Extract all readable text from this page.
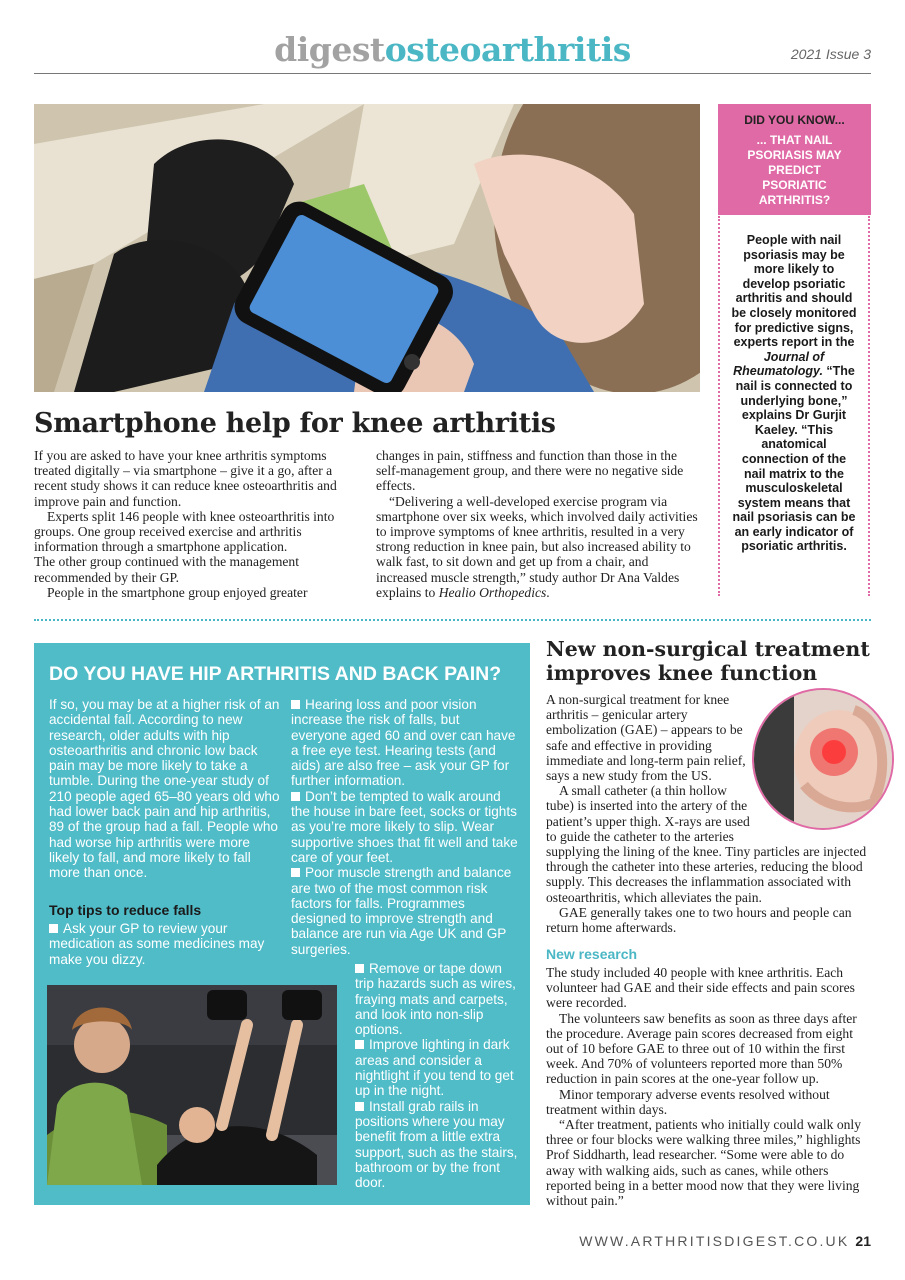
digestosteoarthritis	2021 Issue 3
DID YOU KNOW...
... THAT NAIL PSORIASIS MAY PREDICT PSORIATIC ARTHRITIS?
People with nail psoriasis may be more likely to develop psoriatic arthritis and should be closely monitored for predictive signs, experts report in the Journal of Rheumatology. “The nail is connected to underlying bone,” explains Dr Gurjit Kaeley. “This anatomical connection of the nail matrix to the musculoskeletal system means that nail psoriasis can be an early indicator of psoriatic arthritis.
Smartphone help for knee arthritis

If you are asked to have your knee arthritis symptoms treated digitally – via smartphone – give it a go, after a recent study shows it can reduce knee osteoarthritis and improve pain and function.

Experts split 146 people with knee osteoarthritis into groups. One group received exercise and arthritis information through a smartphone application.

The other group continued with the management recommended by their GP.

People in the smartphone group enjoyed greater

changes in pain, stiffness and function than those in the self-management group, and there were no negative side effects.

“Delivering a well-developed exercise program via smartphone over six weeks, which involved daily activities to improve symptoms of knee arthritis, resulted in a very strong reduction in knee pain, but also increased ability to walk fast, to sit down and get up from a chair, and increased muscle strength,” study author Dr Ana Valdes explains to Healio Orthopedics.

DO YOU HAVE HIP ARTHRITIS AND BACK PAIN?
If so, you may be at a higher risk of an accidental fall. According to new research, older adults with hip osteoarthritis and chronic low back pain may be more likely to take a tumble. During the one-year study of 210 people aged 65–80 years old who had lower back pain and hip arthritis, 89 of the group had a fall. People who had worse hip arthritis were more likely to fall, and more likely to fall more than once.
Top tips to reduce falls
Ask your GP to review your medication as some medicines may make you dizzy.

Hearing loss and poor vision increase the risk of falls, but everyone aged 60 and over can have a free eye test. Hearing tests (and aids) are also free – ask your GP for further information.

Don’t be tempted to walk around the house in bare feet, socks or tights as you’re more likely to slip. Wear supportive shoes that fit well and take care of your feet.

Poor muscle strength and balance are two of the most common risk factors for falls. Programmes designed to improve strength and balance are run via Age UK and GP surgeries.

Remove or tape down trip hazards such as wires, fraying mats and carpets, and look into non-slip options.

Improve lighting in dark areas and consider a nightlight if you tend to get up in the night.

Install grab rails in positions where you may benefit from a little extra support, such as the stairs, bathroom or by the front door.

New non-surgical treatment improves knee function

A non-surgical treatment for knee arthritis – genicular artery embolization (GAE) – appears to be safe and effective in providing immediate and long-term pain relief, says a new study from the US.

A small catheter (a thin hollow tube) is inserted into the artery of the patient’s upper thigh. X-rays are used to guide the catheter to the arteries

supplying the lining of the knee. Tiny particles are injected through the catheter into these arteries, reducing the blood supply. This decreases the inflammation associated with osteoarthritis, which alleviates the pain.

GAE generally takes one to two hours and people can return home afterwards.

New research

The study included 40 people with knee arthritis. Each volunteer had GAE and their side effects and pain scores were recorded.

The volunteers saw benefits as soon as three days after the procedure. Average pain scores decreased from eight out of 10 before GAE to three out of 10 within the first week. And 70% of volunteers reported more than 50% reduction in pain scores at the one-year follow up.

Minor temporary adverse events resolved without treatment within days.

“After treatment, patients who initially could walk only three or four blocks were walking three miles,” highlights Prof Siddharth, lead researcher. “Some were able to do away with walking aids, such as canes, while others reported being in a better mood now that they were living without pain.”

WWW.ARTHRITISDIGEST.CO.UK 21
